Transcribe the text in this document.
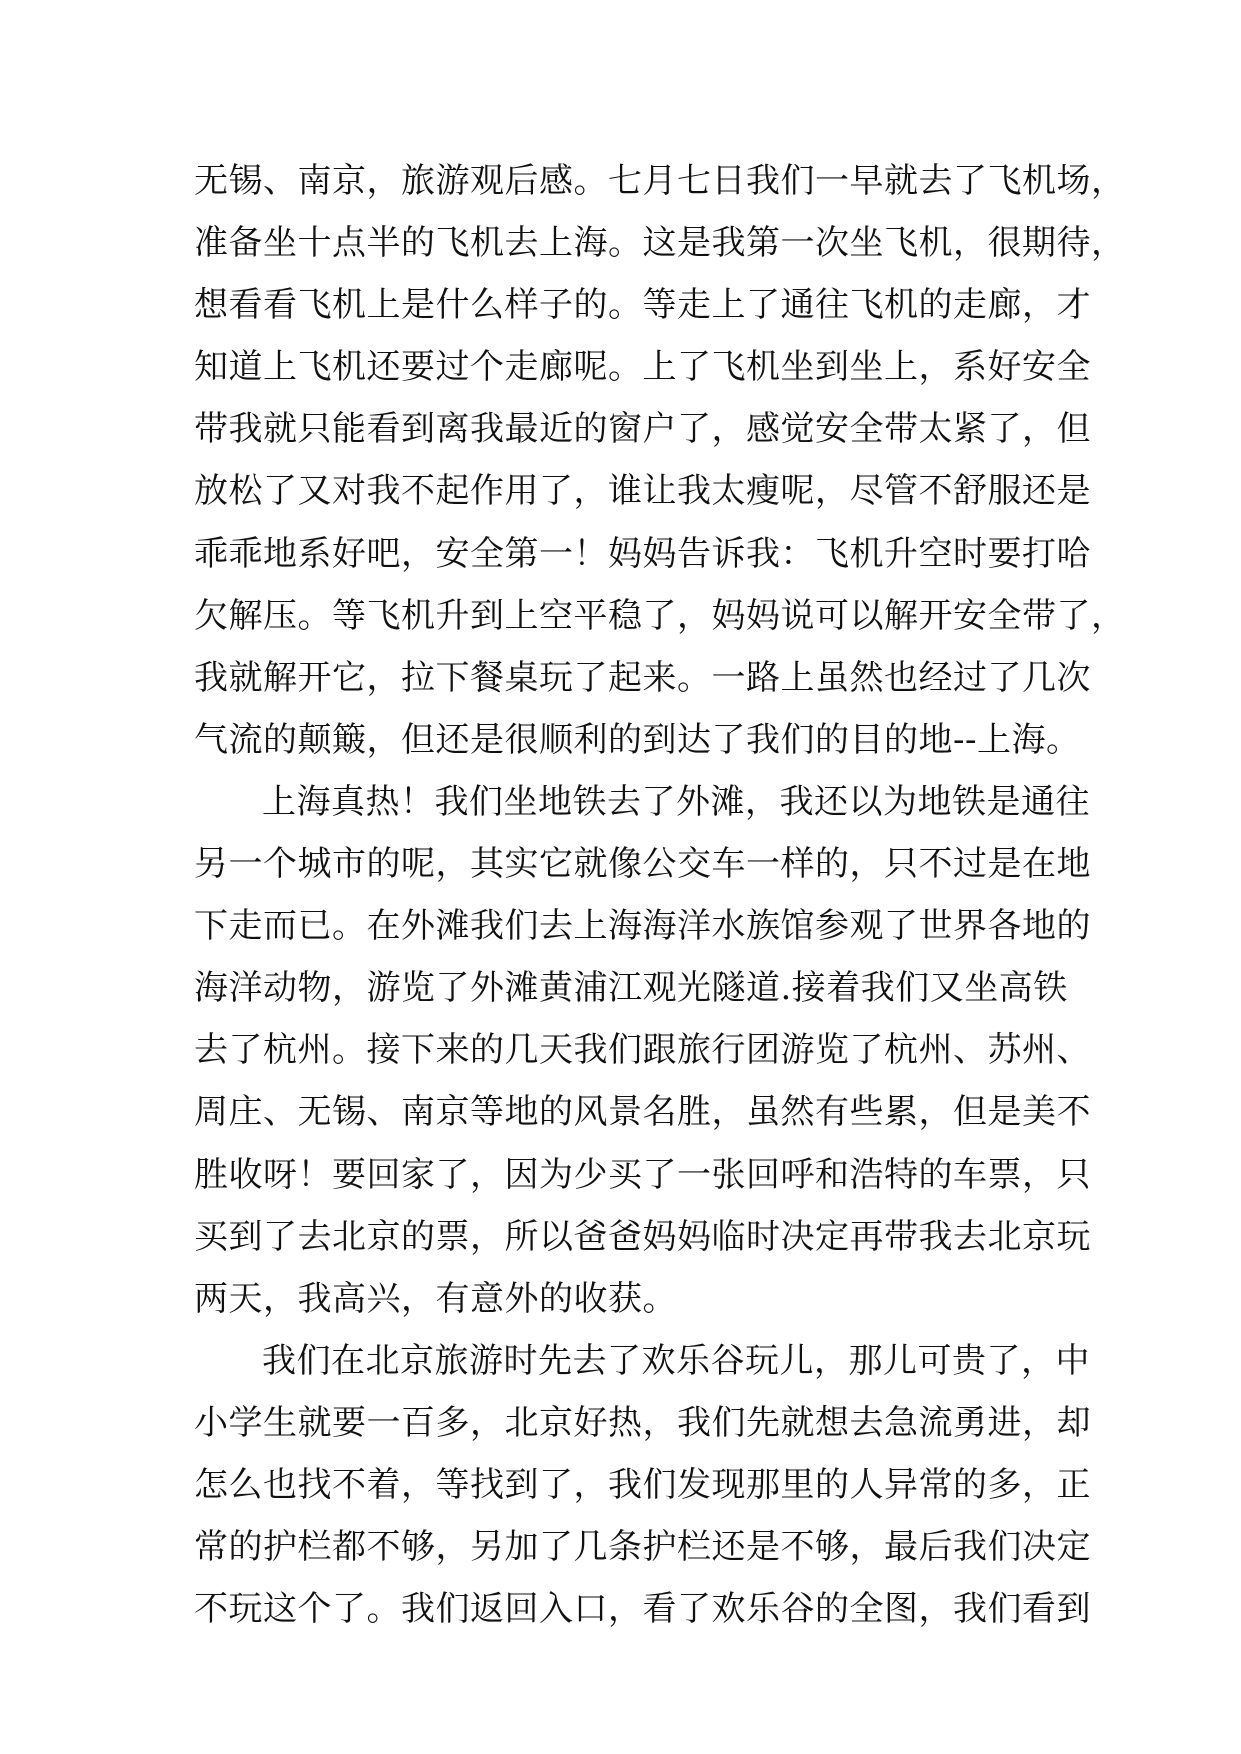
无锡、南京，旅游观后感。七月七日我们一早就去了飞机场，
准备坐十点半的飞机去上海。这是我第一次坐飞机，很期待，
想看看飞机上是什么样子的。等走上了通往飞机的走廊，才
知道上飞机还要过个走廊呢。上了飞机坐到坐上，系好安全
带我就只能看到离我最近的窗户了，感觉安全带太紧了，但
放松了又对我不起作用了，谁让我太瘦呢，尽管不舒服还是
乖乖地系好吧，安全第一！妈妈告诉我：飞机升空时要打哈
欠解压。等飞机升到上空平稳了，妈妈说可以解开安全带了，
我就解开它，拉下餐桌玩了起来。一路上虽然也经过了几次
气流的颠簸，但还是很顺利的到达了我们的目的地--上海。
上海真热！我们坐地铁去了外滩，我还以为地铁是通往
另一个城市的呢，其实它就像公交车一样的，只不过是在地
下走而已。在外滩我们去上海海洋水族馆参观了世界各地的
海洋动物，游览了外滩黄浦江观光隧道.接着我们又坐高铁
去了杭州。接下来的几天我们跟旅行团游览了杭州、苏州、
周庄、无锡、南京等地的风景名胜，虽然有些累，但是美不
胜收呀！要回家了，因为少买了一张回呼和浩特的车票，只
买到了去北京的票，所以爸爸妈妈临时决定再带我去北京玩
两天，我高兴，有意外的收获。
我们在北京旅游时先去了欢乐谷玩儿，那儿可贵了，中
小学生就要一百多，北京好热，我们先就想去急流勇进，却
怎么也找不着，等找到了，我们发现那里的人异常的多，正
常的护栏都不够，另加了几条护栏还是不够，最后我们决定
不玩这个了。我们返回入口，看了欢乐谷的全图，我们看到
